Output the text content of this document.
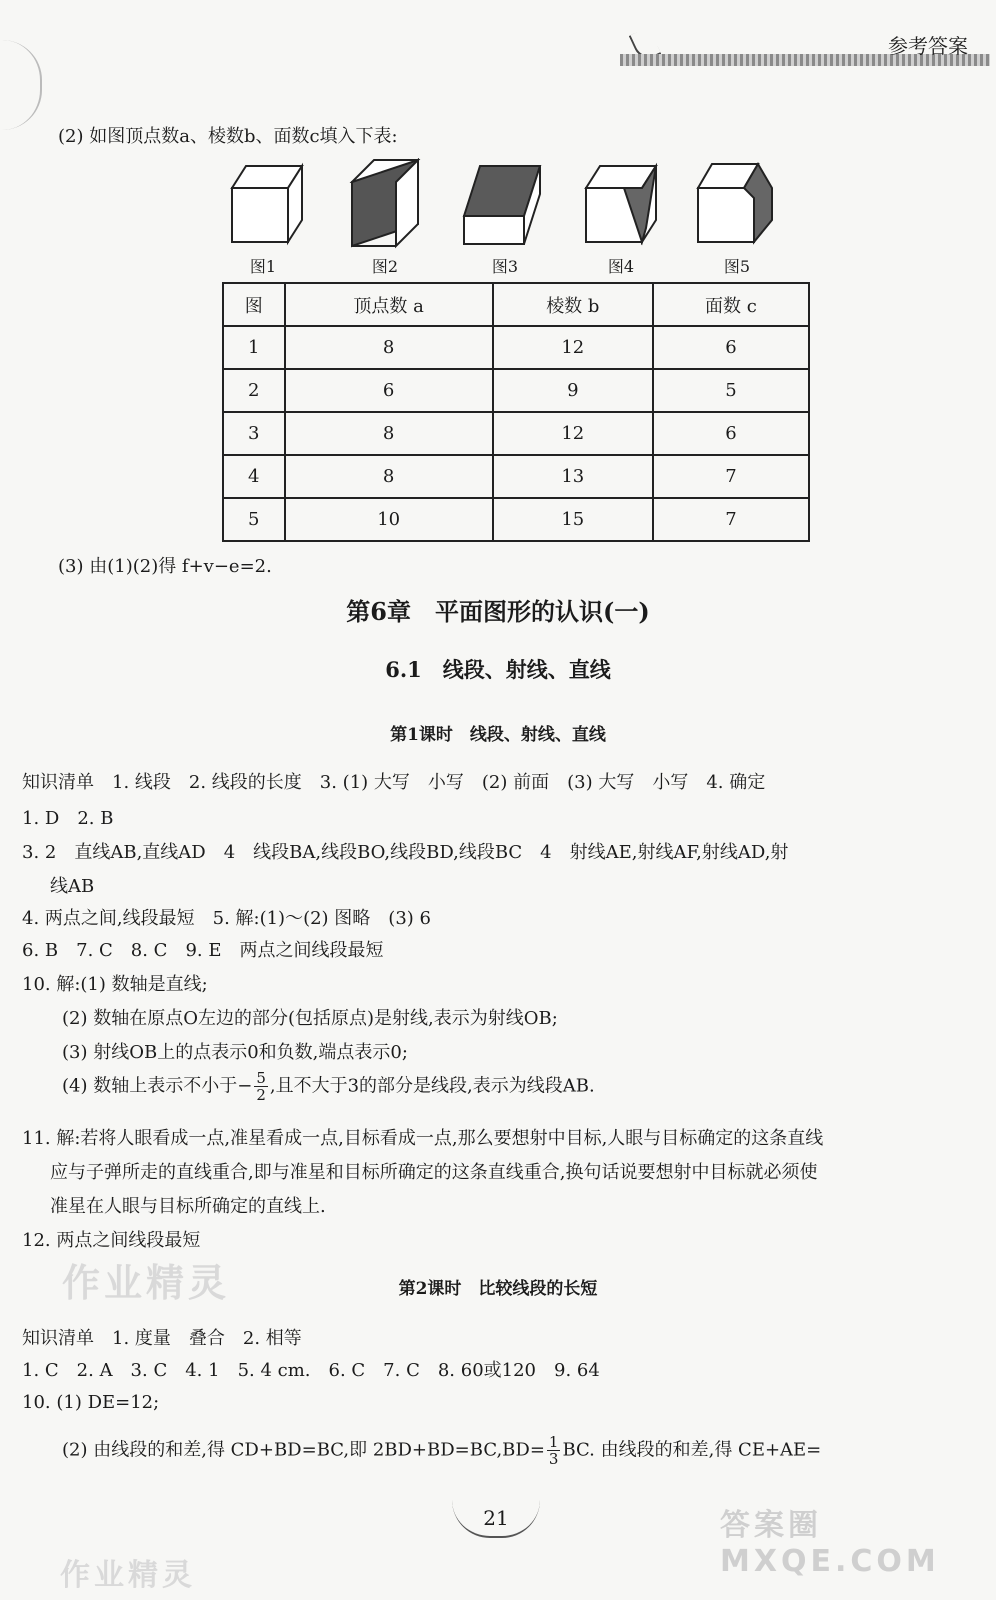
参考答案
(2) 如图顶点数a、棱数b、面数c填入下表:
图1	图2	图3	图4	图5
图	顶点数 a	棱数 b	面数 c
1	8	12	6
2	6	9	5
3	8	12	6
4	8	13	7
5	10	15	7
(3) 由(1)(2)得 f+v−e=2.
第6章　平面图形的认识(一)
6.1　线段、射线、直线
第1课时　线段、射线、直线
知识清单　1. 线段　2. 线段的长度　3. (1) 大写　小写　(2) 前面　(3) 大写　小写　4. 确定
1. D　2. B
3. 2　直线AB,直线AD　4　线段BA,线段BO,线段BD,线段BC　4　射线AE,射线AF,射线AD,射
线AB
4. 两点之间,线段最短　5. 解:(1)～(2) 图略　(3) 6
6. B　7. C　8. C　9. E　两点之间线段最短
10. 解:(1) 数轴是直线;
(2) 数轴在原点O左边的部分(包括原点)是射线,表示为射线OB;
(3) 射线OB上的点表示0和负数,端点表示0;
(4) 数轴上表示不小于− $\frac{5}{2}$ ,且不大于3的部分是线段,表示为线段AB.
11. 解:若将人眼看成一点,准星看成一点,目标看成一点,那么要想射中目标,人眼与目标确定的这条直线
应与子弹所走的直线重合,即与准星和目标所确定的这条直线重合,换句话说要想射中目标就必须使
准星在人眼与目标所确定的直线上.
12. 两点之间线段最短
作业精灵	第2课时　比较线段的长短
知识清单　1. 度量　叠合　2. 相等
1. C　2. A　3. C　4. 1　5. 4 cm.　6. C　7. C　8. 60或120　9. 64
10. (1) DE=12;
(2) 由线段的和差,得 CD+BD=BC,即 $2BD+BD=BC,BD= \frac{1}{3}$ BC. 由线段的和差,得 CE+AE=
21
作业精灵
答案圈 MXQE.COM
